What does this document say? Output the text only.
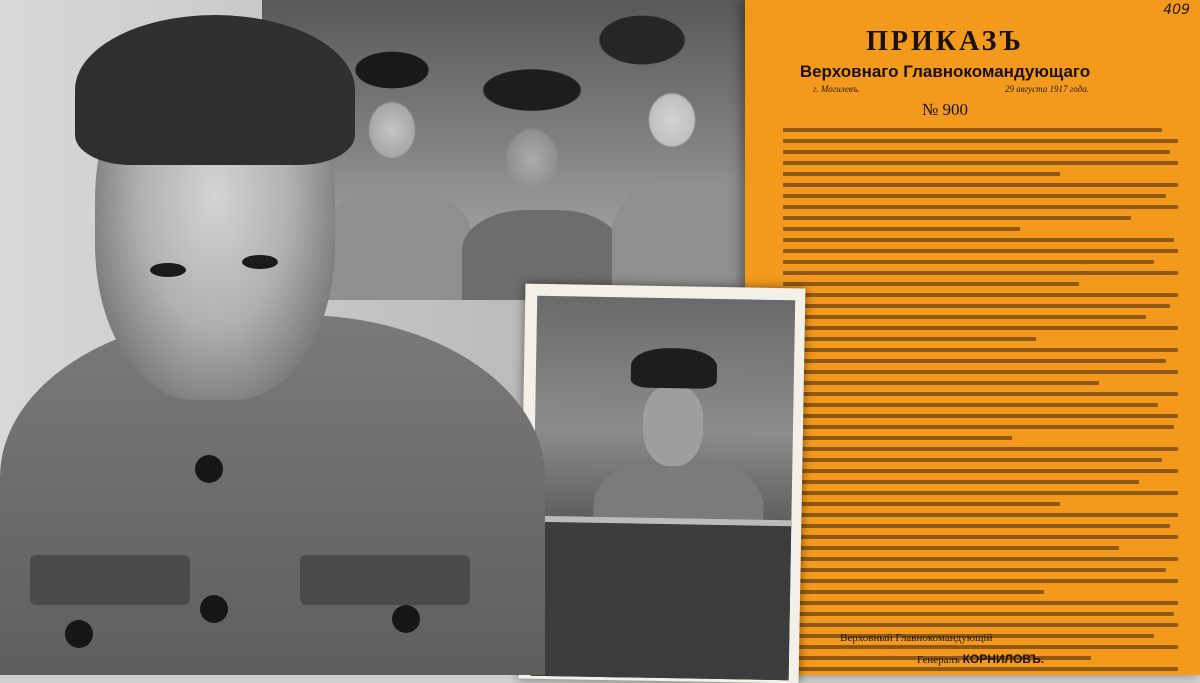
409
ПРИКАЗЪ
Верховнаго Главнокомандующаго
г. Могилевъ.	29 августа 1917 года.
№ 900
Верховный Главнокомандующій
Генералъ КОРНИЛОВЪ.
